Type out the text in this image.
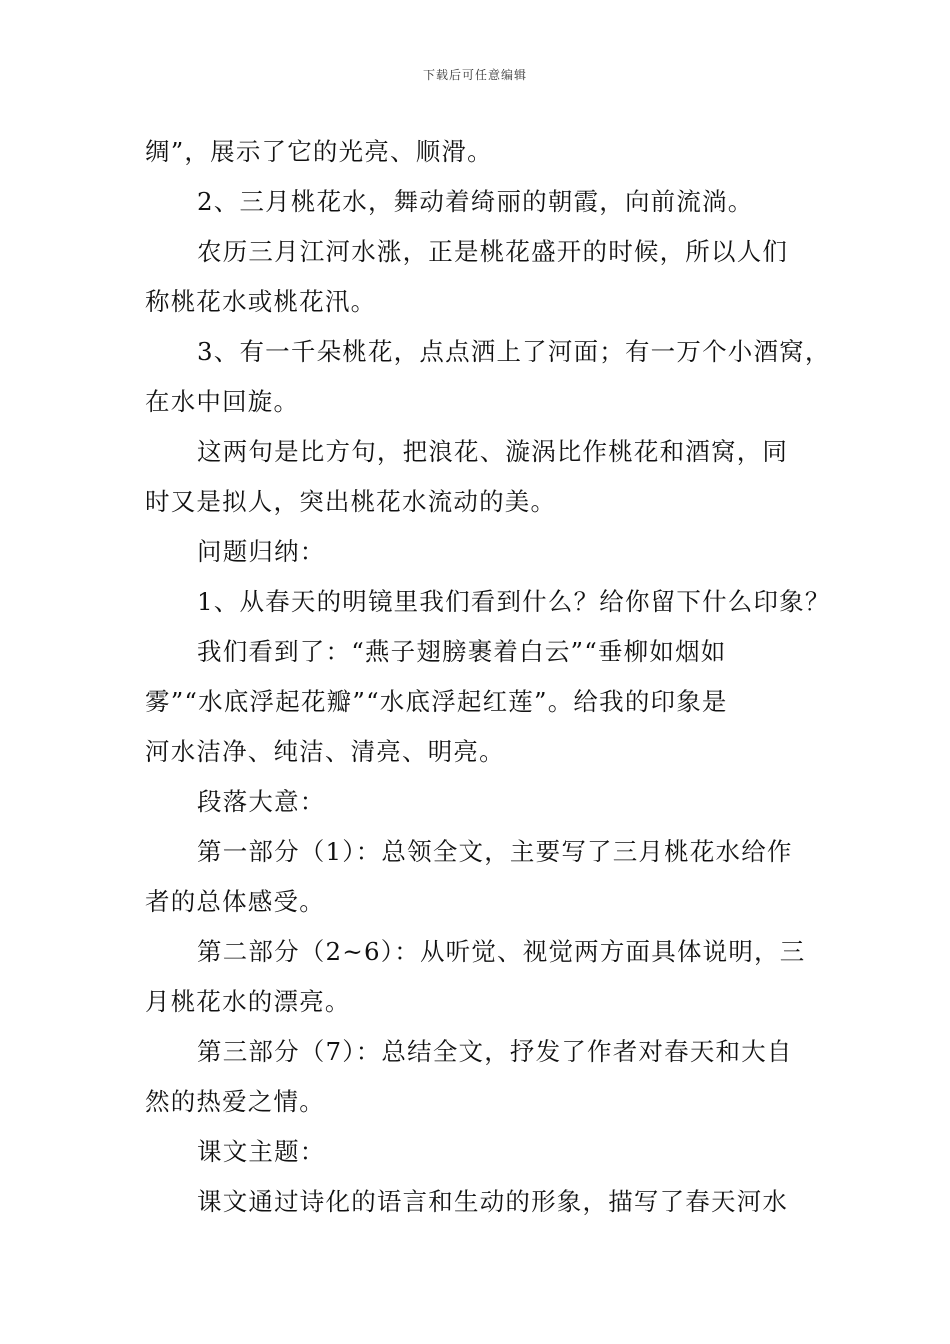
下载后可任意编辑

绸”，展示了它的光亮、顺滑。

2、三月桃花水，舞动着绮丽的朝霞，向前流淌。

农历三月江河水涨，正是桃花盛开的时候，所以人们

称桃花水或桃花汛。

3、有一千朵桃花，点点洒上了河面；有一万个小酒窝，

在水中回旋。

这两句是比方句，把浪花、漩涡比作桃花和酒窝，同

时又是拟人，突出桃花水流动的美。

问题归纳：

1、从春天的明镜里我们看到什么？给你留下什么印象？

我们看到了：“燕子翅膀裹着白云”“垂柳如烟如

雾”“水底浮起花瓣”“水底浮起红莲”。给我的印象是

河水洁净、纯洁、清亮、明亮。

段落大意：

第一部分（1）：总领全文，主要写了三月桃花水给作

者的总体感受。

第二部分（2~6）：从听觉、视觉两方面具体说明，三

月桃花水的漂亮。

第三部分（7）：总结全文，抒发了作者对春天和大自

然的热爱之情。

课文主题：

课文通过诗化的语言和生动的形象，描写了春天河水
